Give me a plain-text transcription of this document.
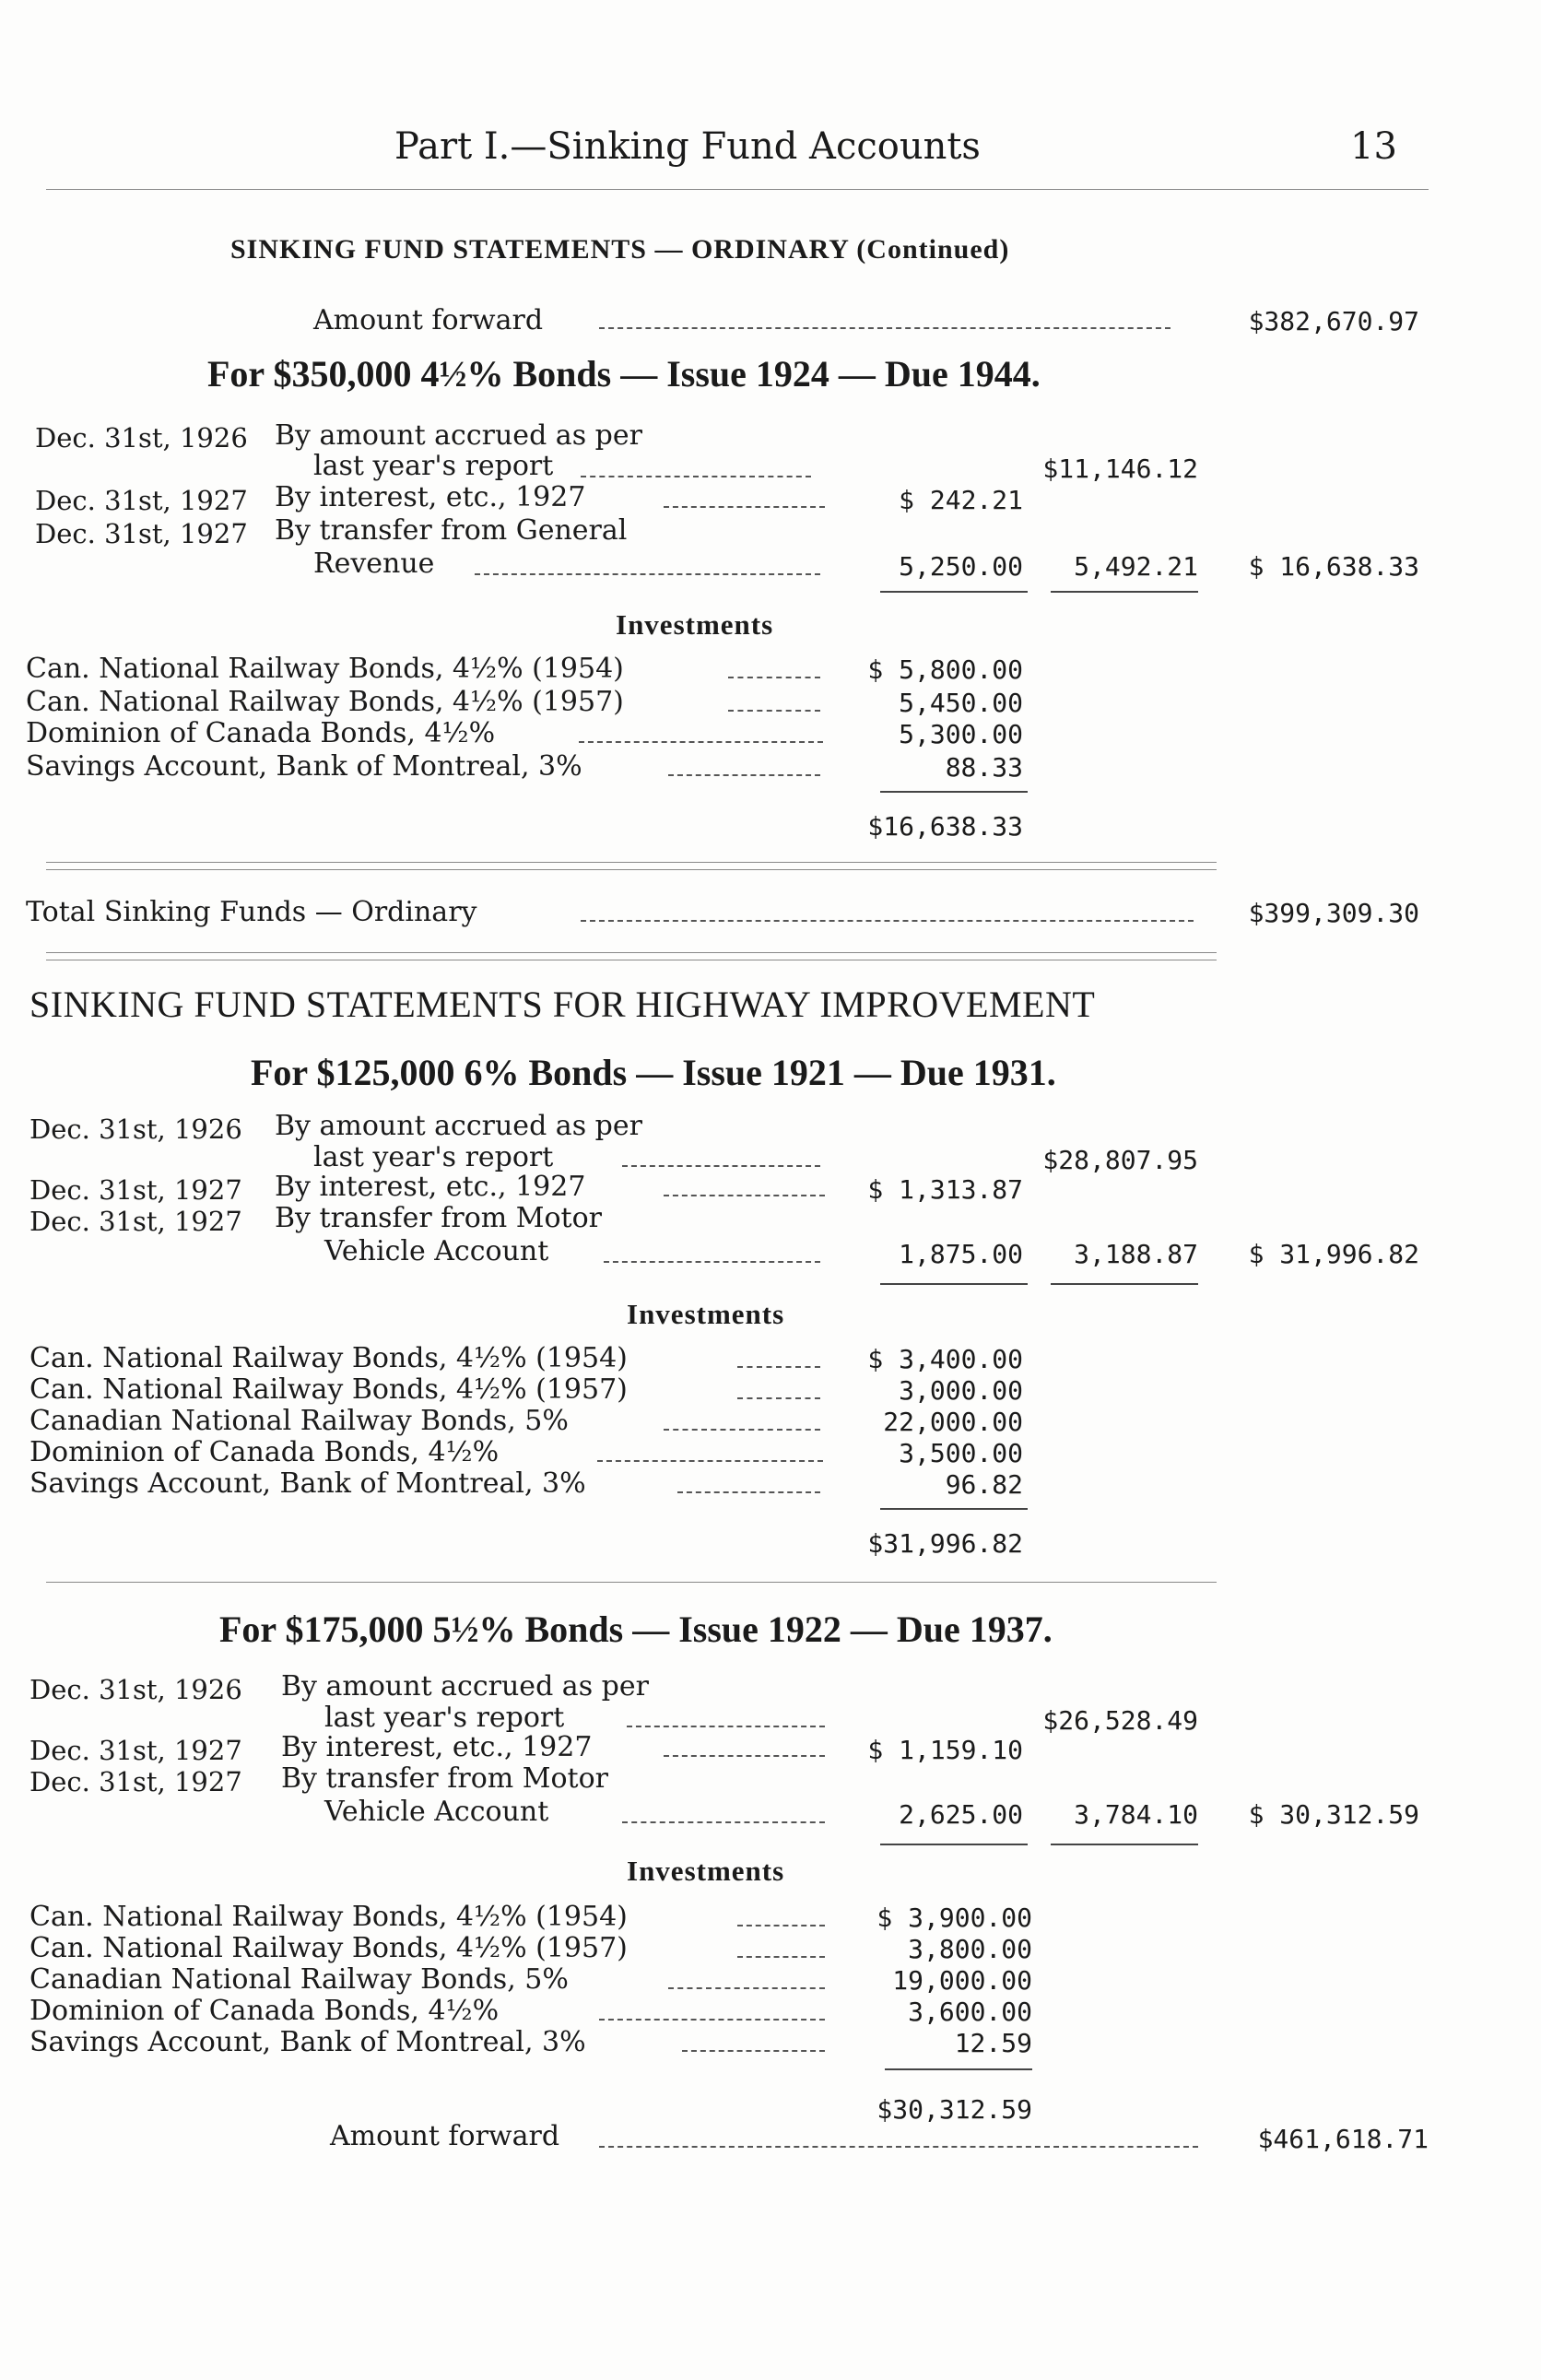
Part I.—Sinking Fund Accounts	13
SINKING FUND STATEMENTS — ORDINARY (Continued)
Amount forward	$382,670.97
For $350,000 4½% Bonds — Issue 1924 — Due 1944.
Dec. 31st, 1926 By amount accrued as per
last year's report	$11,146.12
Dec. 31st, 1927 By interest, etc., 1927	$ 242.21
Dec. 31st, 1927 By transfer from General
Revenue	5,250.00	5,492.21	$ 16,638.33
Investments
Can. National Railway Bonds, 4½% (1954)	$ 5,800.00
Can. National Railway Bonds, 4½% (1957)	5,450.00
Dominion of Canada Bonds, 4½%	5,300.00
Savings Account, Bank of Montreal, 3%	88.33
$16,638.33
Total Sinking Funds — Ordinary	$399,309.30
SINKING FUND STATEMENTS FOR HIGHWAY IMPROVEMENT
For $125,000 6% Bonds — Issue 1921 — Due 1931.
Dec. 31st, 1926 By amount accrued as per
last year's report	$28,807.95
Dec. 31st, 1927 By interest, etc., 1927	$ 1,313.87
Dec. 31st, 1927 By transfer from Motor
Vehicle Account	1,875.00	3,188.87	$ 31,996.82
Investments
Can. National Railway Bonds, 4½% (1954)	$ 3,400.00
Can. National Railway Bonds, 4½% (1957)	3,000.00
Canadian National Railway Bonds, 5%	22,000.00
Dominion of Canada Bonds, 4½%	3,500.00
Savings Account, Bank of Montreal, 3%	96.82
$31,996.82
For $175,000 5½% Bonds — Issue 1922 — Due 1937.
Dec. 31st, 1926 By amount accrued as per
last year's report	$26,528.49
Dec. 31st, 1927 By interest, etc., 1927	$ 1,159.10
Dec. 31st, 1927 By transfer from Motor
Vehicle Account	2,625.00	3,784.10	$ 30,312.59
Investments
Can. National Railway Bonds, 4½% (1954)	$ 3,900.00
Can. National Railway Bonds, 4½% (1957)	3,800.00
Canadian National Railway Bonds, 5%	19,000.00
Dominion of Canada Bonds, 4½%	3,600.00
Savings Account, Bank of Montreal, 3%	12.59
$30,312.59
Amount forward	$461,618.71
